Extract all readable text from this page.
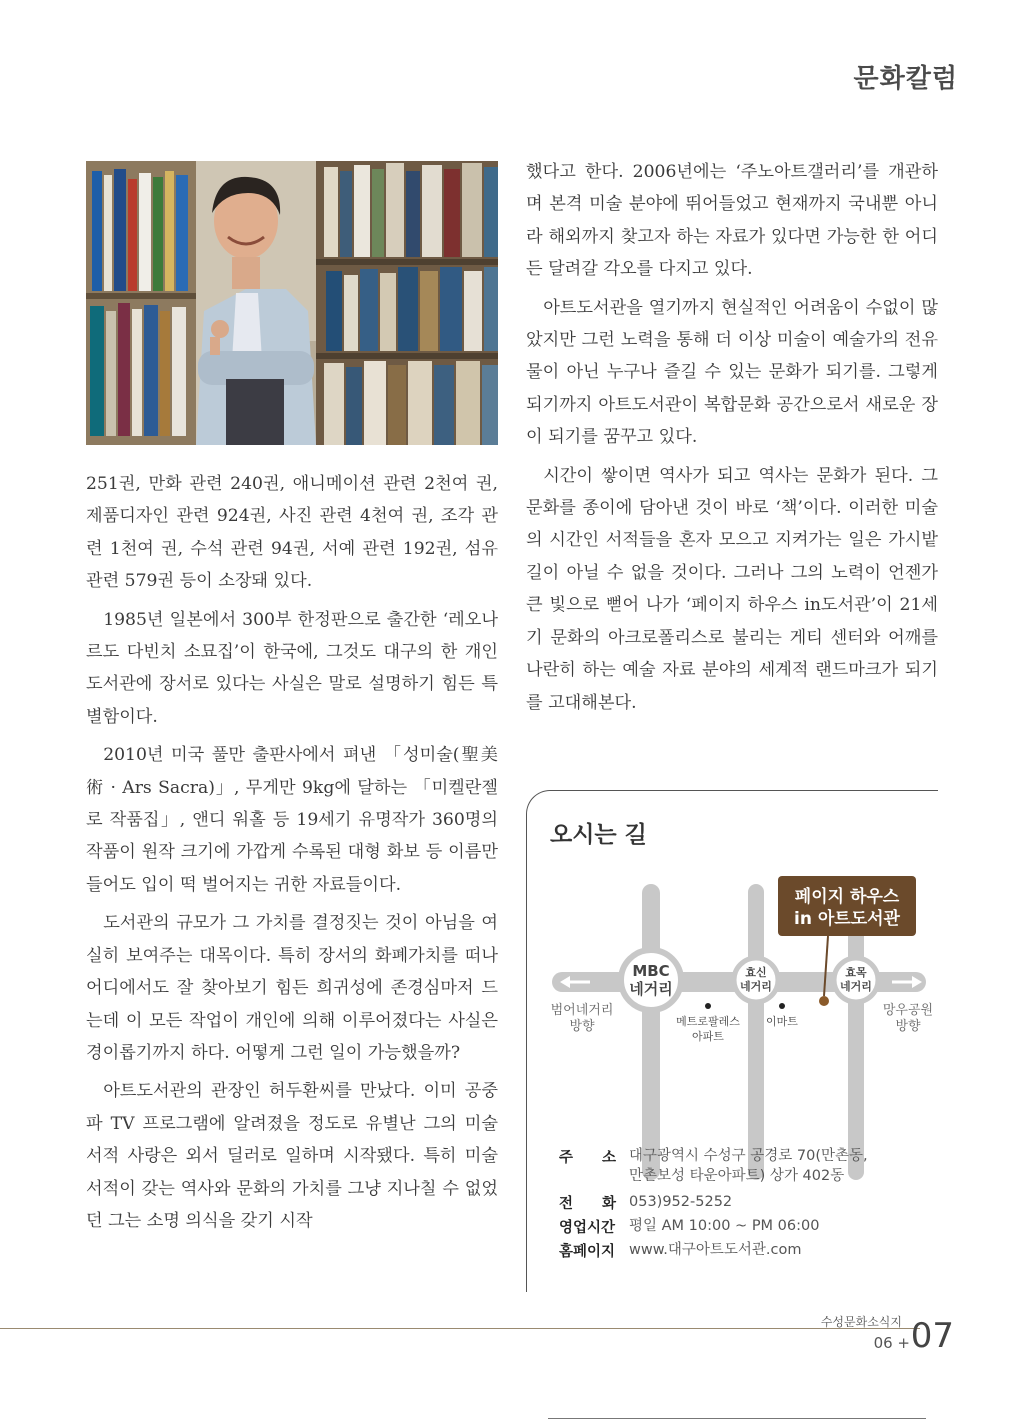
문화칼럼

251권, 만화 관련 240권, 애니메이션 관련 2천여 권, 제품디자인 관련 924권, 사진 관련 4천여 권, 조각 관련 1천여 권, 수석 관련 94권, 서예 관련 192권, 섬유 관련 579권 등이 소장돼 있다.

1985년 일본에서 300부 한정판으로 출간한 ‘레오나르도 다빈치 소묘집’이 한국에, 그것도 대구의 한 개인 도서관에 장서로 있다는 사실은 말로 설명하기 힘든 특별함이다.

2010년 미국 풀만 출판사에서 펴낸 「성미술(聖美術 · Ars Sacra)」, 무게만 9kg에 달하는 「미켈란젤로 작품집」, 앤디 워홀 등 19세기 유명작가 360명의 작품이 원작 크기에 가깝게 수록된 대형 화보 등 이름만 들어도 입이 떡 벌어지는 귀한 자료들이다.

도서관의 규모가 그 가치를 결정짓는 것이 아님을 여실히 보여주는 대목이다. 특히 장서의 화폐가치를 떠나 어디에서도 잘 찾아보기 힘든 희귀성에 존경심마저 드는데 이 모든 작업이 개인에 의해 이루어졌다는 사실은 경이롭기까지 하다. 어떻게 그런 일이 가능했을까?

아트도서관의 관장인 허두환씨를 만났다. 이미 공중파 TV 프로그램에 알려졌을 정도로 유별난 그의 미술 서적 사랑은 외서 딜러로 일하며 시작됐다. 특히 미술 서적이 갖는 역사와 문화의 가치를 그냥 지나칠 수 없었던 그는 소명 의식을 갖기 시작

했다고 한다. 2006년에는 ‘주노아트갤러리’를 개관하며 본격 미술 분야에 뛰어들었고 현재까지 국내뿐 아니라 해외까지 찾고자 하는 자료가 있다면 가능한 한 어디든 달려갈 각오를 다지고 있다.

아트도서관을 열기까지 현실적인 어려움이 수없이 많았지만 그런 노력을 통해 더 이상 미술이 예술가의 전유물이 아닌 누구나 즐길 수 있는 문화가 되기를. 그렇게 되기까지 아트도서관이 복합문화 공간으로서 새로운 장이 되기를 꿈꾸고 있다.

시간이 쌓이면 역사가 되고 역사는 문화가 된다. 그 문화를 종이에 담아낸 것이 바로 ‘책’이다. 이러한 미술의 시간인 서적들을 혼자 모으고 지켜가는 일은 가시밭길이 아닐 수 없을 것이다. 그러나 그의 노력이 언젠가 큰 빛으로 뻗어 나가 ‘페이지 하우스 in도서관’이 21세기 문화의 아크로폴리스로 불리는 게티 센터와 어깨를 나란히 하는 예술 자료 분야의 세계적 랜드마크가 되기를 고대해본다.

오시는 길
MBC
네거리
효신
네거리
효목
네거리
페이지 하우스
in 아트도서관
메트로팔레스
아파트
이마트
범어네거리
방향
망우공원
방향
주　　소 대구광역시 수성구 공경로 70(만촌동,
만촌보성 타운아파트) 상가 402동
전　　화 053)952-5252
영업시간 평일 AM 10:00 ~ PM 06:00
홈페이지 www.대구아트도서관.com
수성문화소식지
06 + 07
